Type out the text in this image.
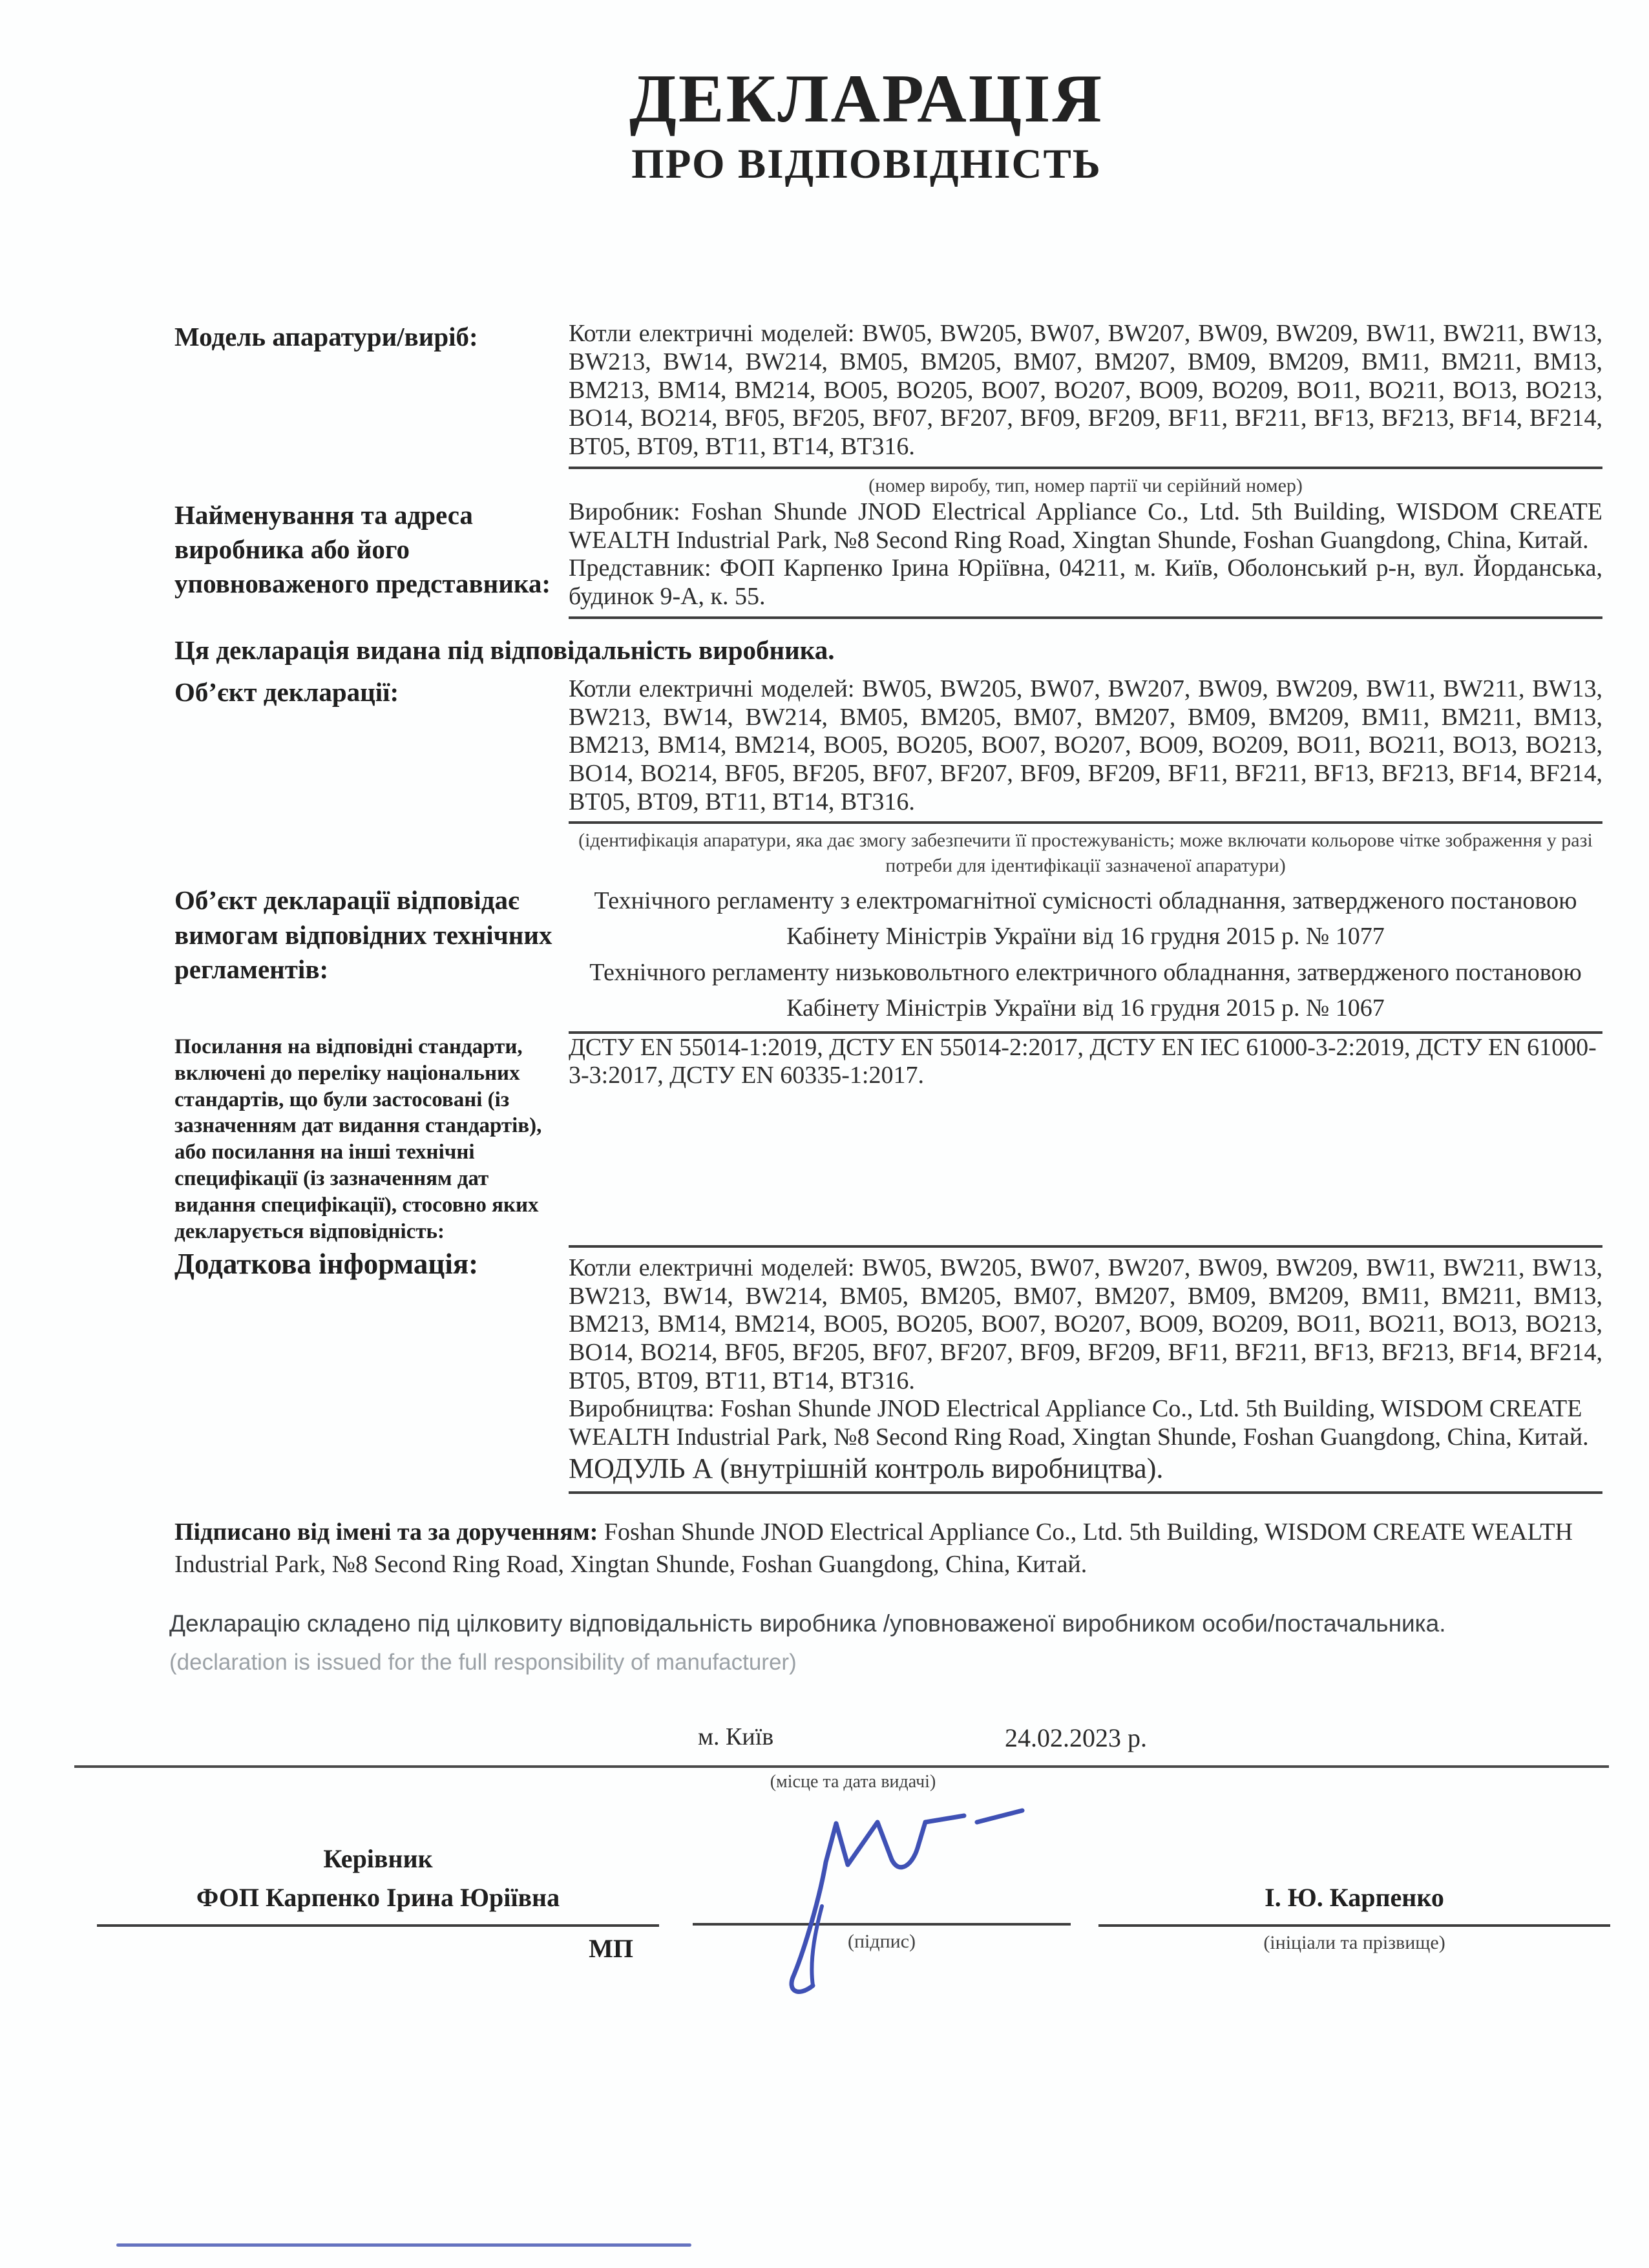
ДЕКЛАРАЦІЯ
ПРО ВІДПОВІДНІСТЬ
Модель апаратури/виріб:	Котли електричні моделей: BW05, BW205, BW07, BW207, BW09, BW209, BW11, BW211, BW13, BW213, BW14, BW214, BM05, BM205, BM07, BM207, BM09, BM209, BM11, BM211, BM13, BM213, BM14, BM214, BO05, BO205, BO07, BO207, BO09, BO209, BO11, BO211, BO13, BO213, BO14, BO214, BF05, BF205, BF07, BF207, BF09, BF209, BF11, BF211, BF13, BF213, BF14, BF214, BT05, BT09, BT11, BT14, BT316.

(номер виробу, тип, номер партії чи серійний номер)
Найменування та адреса виробника або його уповноваженого представника:

Виробник: Foshan Shunde JNOD Electrical Appliance Co., Ltd. 5th Building, WISDOM CREATE WEALTH Industrial Park, №8 Second Ring Road, Xingtan Shunde, Foshan Guangdong, China, Китай.

Представник: ФОП Карпенко Ірина Юріївна, 04211, м. Київ, Оболонський р-н, вул. Йорданська, будинок 9-А, к. 55.

Ця декларація видана під відповідальність виробника.
Об’єкт декларації:	Котли електричні моделей: BW05, BW205, BW07, BW207, BW09, BW209, BW11, BW211, BW13, BW213, BW14, BW214, BM05, BM205, BM07, BM207, BM09, BM209, BM11, BM211, BM13, BM213, BM14, BM214, BO05, BO205, BO07, BO207, BO09, BO209, BO11, BO211, BO13, BO213, BO14, BO214, BF05, BF205, BF07, BF207, BF09, BF209, BF11, BF211, BF13, BF213, BF14, BF214, BT05, BT09, BT11, BT14, BT316.

(ідентифікація апаратури, яка дає змогу забезпечити її простежуваність; може включати кольорове чітке зображення у разі потреби для ідентифікації зазначеної апаратури)
Об’єкт декларації відповідає вимогам відповідних технічних регламентів:

Технічного регламенту з електромагнітної сумісності обладнання, затвердженого постановою Кабінету Міністрів України від 16 грудня 2015 р. № 1077

Технічного регламенту низьковольтного електричного обладнання, затвердженого постановою Кабінету Міністрів України від 16 грудня 2015 р. № 1067

Посилання на відповідні стандарти, включені до переліку національних стандартів, що були застосовані (із зазначенням дат видання стандартів), або посилання на інші технічні специфікації (із зазначенням дат видання специфікації), стосовно яких декларується відповідність:

ДСТУ EN 55014-1:2019, ДСТУ EN 55014-2:2017, ДСТУ EN IEC 61000-3-2:2019, ДСТУ EN 61000-3-3:2017, ДСТУ EN 60335-1:2017.

Додаткова інформація:	Котли електричні моделей: BW05, BW205, BW07, BW207, BW09, BW209, BW11, BW211, BW13, BW213, BW14, BW214, BM05, BM205, BM07, BM207, BM09, BM209, BM11, BM211, BM13, BM213, BM14, BM214, BO05, BO205, BO07, BO207, BO09, BO209, BO11, BO211, BO13, BO213, BO14, BO214, BF05, BF205, BF07, BF207, BF09, BF209, BF11, BF211, BF13, BF213, BF14, BF214, BT05, BT09, BT11, BT14, BT316.

Виробництва: Foshan Shunde JNOD Electrical Appliance Co., Ltd. 5th Building, WISDOM CREATE WEALTH Industrial Park, №8 Second Ring Road, Xingtan Shunde, Foshan Guangdong, China, Китай.

МОДУЛЬ А (внутрішній контроль виробництва).

Підписано від імені та за дорученням: Foshan Shunde JNOD Electrical Appliance Co., Ltd. 5th Building, WISDOM CREATE WEALTH Industrial Park, №8 Second Ring Road, Xingtan Shunde, Foshan Guangdong, China, Китай.

Декларацію складено під цілковиту відповідальність виробника /уповноваженої виробником особи/постачальника.
(declaration is issued for the full responsibility of manufacturer)
м. Київ	24.02.2023 р.
(місце та дата видачі)
Керівник
ФОП Карпенко Ірина Юріївна
МП	(підпис)
І. Ю. Карпенко
(ініціали та прізвище)
